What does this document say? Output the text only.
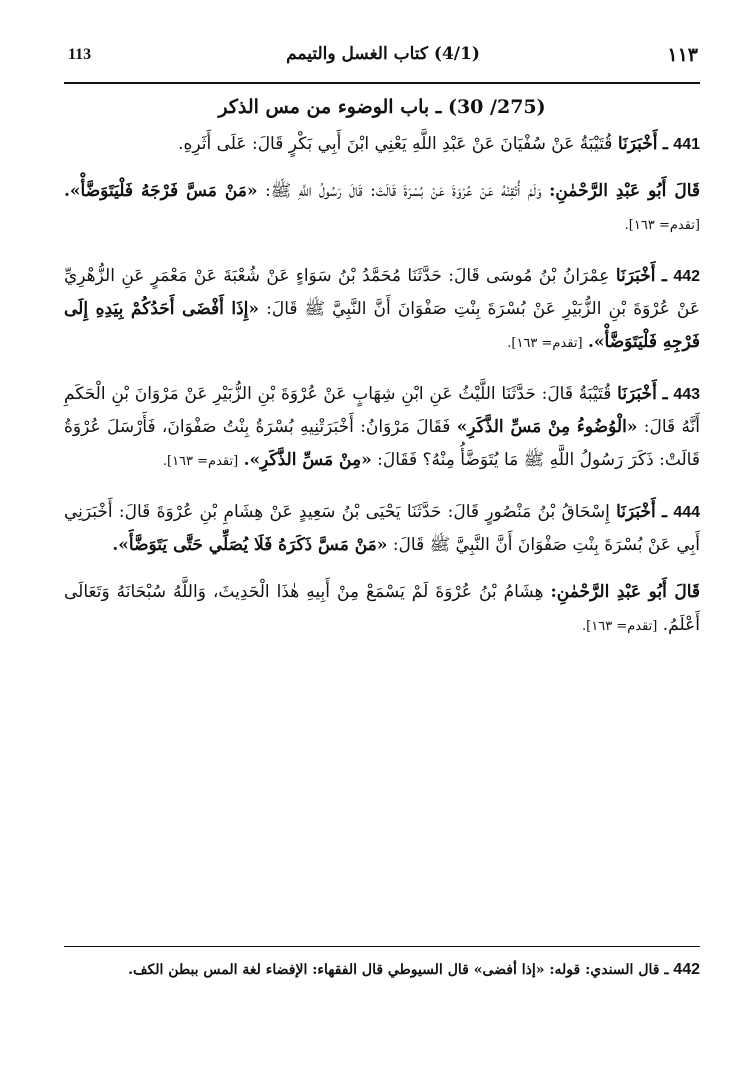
113	(4/1) كتاب الغسل والتيمم	١١٣
(275/ 30) ـ باب الوضوء من مس الذكر

441 ـ أَخْبَرَنَا قُتَيْبَةُ عَنْ سُفْيَانَ عَنْ عَبْدِ اللَّهِ يَعْنِي ابْنَ أَبِي بَكْرٍ قَالَ: عَلَى أَثَرِهِ.

قَالَ أَبُو عَبْدِ الرَّحْمٰنِ: وَلَمْ أُتْقِنْهُ عَنْ عُرْوَةَ عَنْ بُسْرَةَ قَالَتْ: قَالَ رَسُولُ اللَّهِ ﷺ: «مَنْ مَسَّ فَرْجَهُ فَلْيَتَوَضَّأْ». [تقدم= ١٦٣].

442 ـ أَخْبَرَنَا عِمْرَانُ بْنُ مُوسَى قَالَ: حَدَّثَنَا مُحَمَّدُ بْنُ سَوَاءٍ عَنْ شُعْبَةَ عَنْ مَعْمَرٍ عَنِ الزُّهْرِيِّ عَنْ عُرْوَةَ بْنِ الزُّبَيْرِ عَنْ بُسْرَةَ بِنْتِ صَفْوَانَ أَنَّ النَّبِيَّ ﷺ قَالَ: «إِذَا أَفْضَى أَحَدُكُمْ بِيَدِهِ إِلَى فَرْجِهِ فَلْيَتَوَضَّأْ». [تقدم= ١٦٣].

443 ـ أَخْبَرَنَا قُتَيْبَةُ قَالَ: حَدَّثَنَا اللَّيْثُ عَنِ ابْنِ شِهَابٍ عَنْ عُرْوَةَ بْنِ الزُّبَيْرِ عَنْ مَرْوَانَ بْنِ الْحَكَمِ أَنَّهُ قَالَ: «الْوُضُوءُ مِنْ مَسِّ الذَّكَرِ» فَقَالَ مَرْوَانُ: أَخْبَرَتْنِيهِ بُسْرَةُ بِنْتُ صَفْوَانَ، فَأَرْسَلَ عُرْوَةُ قَالَتْ: ذَكَرَ رَسُولُ اللَّهِ ﷺ مَا يُتَوَضَّأُ مِنْهُ؟ فَقَالَ: «مِنْ مَسِّ الذَّكَرِ». [تقدم= ١٦٣].

444 ـ أَخْبَرَنَا إِسْحَاقُ بْنُ مَنْصُورٍ قَالَ: حَدَّثَنَا يَحْيَى بْنُ سَعِيدٍ عَنْ هِشَامِ بْنِ عُرْوَةَ قَالَ: أَخْبَرَنِي أَبِي عَنْ بُسْرَةَ بِنْتِ صَفْوَانَ أَنَّ النَّبِيَّ ﷺ قَالَ: «مَنْ مَسَّ ذَكَرَهُ فَلَا يُصَلِّي حَتَّى يَتَوَضَّأَ».

قَالَ أَبُو عَبْدِ الرَّحْمٰنِ: هِشَامُ بْنُ عُرْوَةَ لَمْ يَسْمَعْ مِنْ أَبِيهِ هٰذَا الْحَدِيثَ، وَاللَّهُ سُبْحَانَهُ وَتَعَالَى أَعْلَمُ. [تقدم= ١٦٣].

442 ـ قال السندي: قوله: «إذا أفضى» قال السيوطي قال الفقهاء: الإفضاء لغة المس ببطن الكف.
